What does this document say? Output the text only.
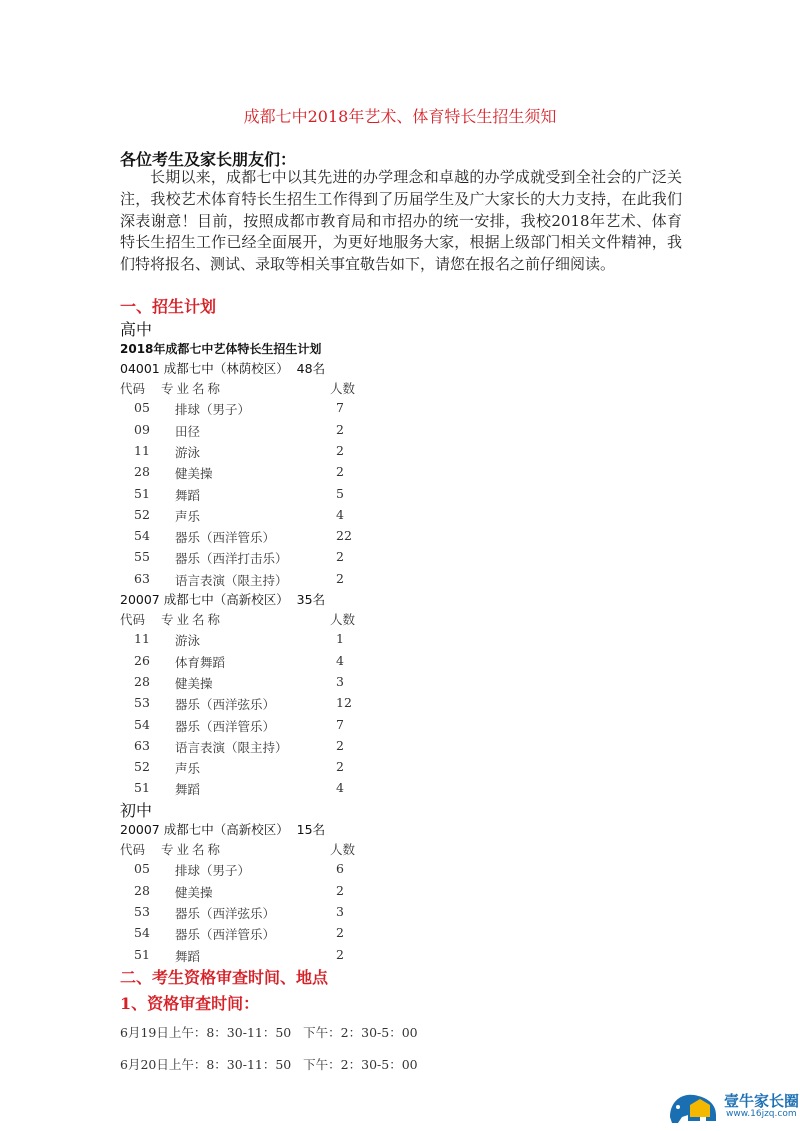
成都七中2018年艺术、体育特长生招生须知
各位考生及家长朋友们：
长期以来，成都七中以其先进的办学理念和卓越的办学成就受到全社会的广泛关注，我校艺术体育特长生招生工作得到了历届学生及广大家长的大力支持，在此我们深表谢意！目前，按照成都市教育局和市招办的统一安排，我校2018年艺术、体育特长生招生工作已经全面展开，为更好地服务大家，根据上级部门相关文件精神，我们特将报名、测试、录取等相关事宜敬告如下，请您在报名之前仔细阅读。
一、招生计划
高中
2018年成都七中艺体特长生招生计划
04001 成都七中（林荫校区）  48名
代码 专业名称	人数
05 排球（男子）	7
09 田径	2
11 游泳	2
28 健美操	2
51 舞蹈	5
52 声乐	4
54 器乐（西洋管乐）	22
55 器乐（西洋打击乐）	2
63 语言表演（限主持）	2
20007 成都七中（高新校区）  35名
代码 专业名称	人数
11 游泳	1
26 体育舞蹈	4
28 健美操	3
53 器乐（西洋弦乐）	12
54 器乐（西洋管乐）	7
63 语言表演（限主持）	2
52 声乐	2
51 舞蹈	4
初中
20007 成都七中（高新校区）  15名
代码 专业名称	人数
05 排球（男子）	6
28 健美操	2
53 器乐（西洋弦乐）	3
54 器乐（西洋管乐）	2
51 舞蹈	2
二、考生资格审查时间、地点
1、资格审查时间：
6月19日上午：8：30-11：50   下午：2：30-5：00
6月20日上午：8：30-11：50   下午：2：30-5：00
壹牛家长圈
www.16jzq.com
